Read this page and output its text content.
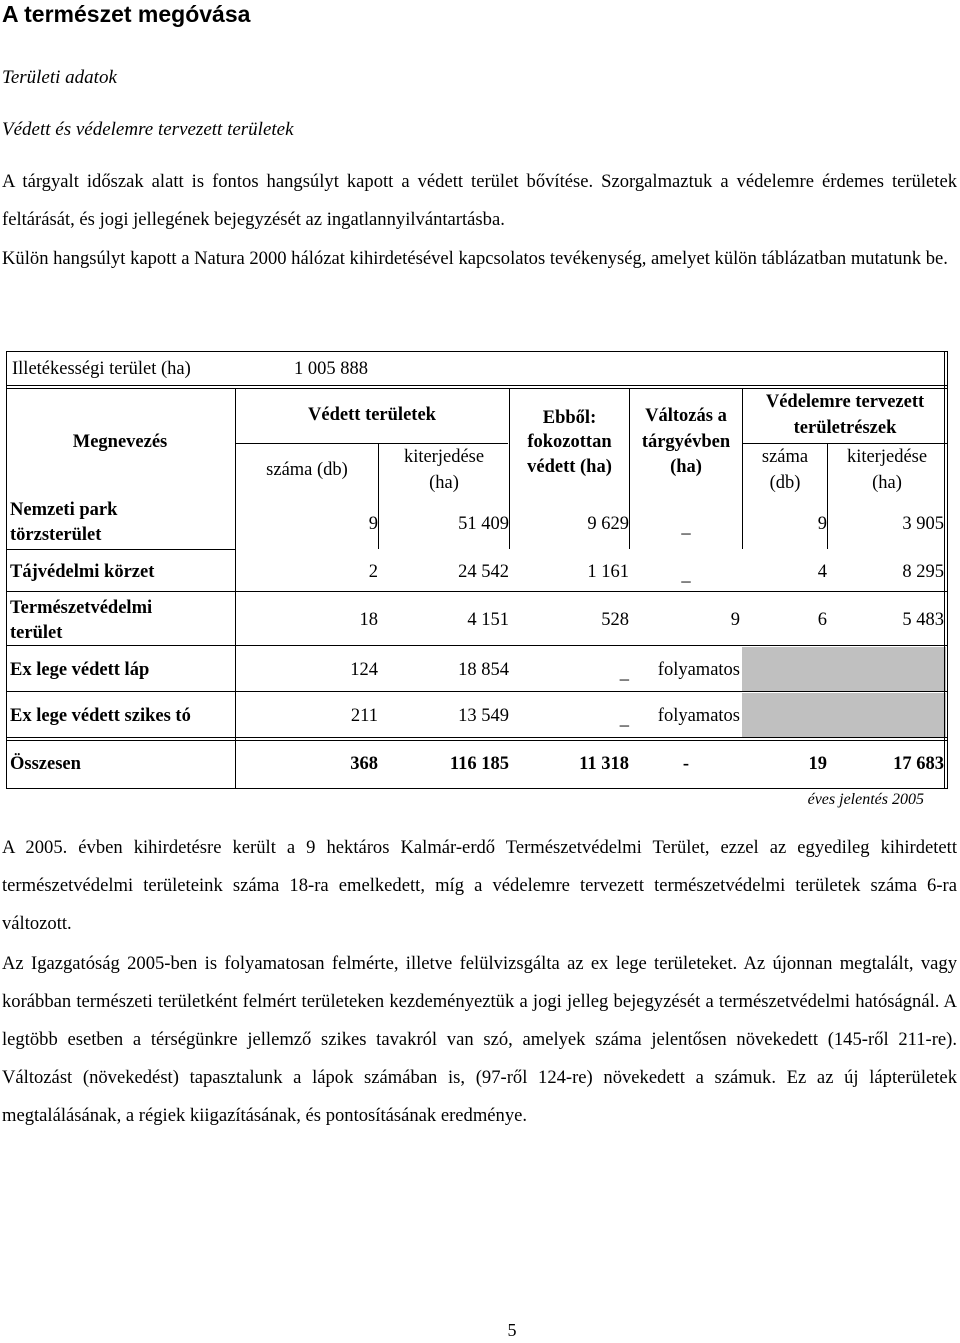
A természet megóvása
Területi adatok
Védett és védelemre tervezett területek
A tárgyalt időszak alatt is fontos hangsúlyt kapott a védett terület bővítése. Szorgalmaztuk a védelemre érdemes területek feltárását, és jogi jellegének bejegyzését az ingatlannyilvántartásba.
Külön hangsúlyt kapott a Natura 2000 hálózat kihirdetésével kapcsolatos tevékenység, amelyet külön táblázatban mutatunk be.
Illetékességi terület (ha)	1 005 888
Megnevezés
Védett területek
száma (db)
kiterjedése
(ha)
Ebből:
fokozottan
védett (ha)
Változás a
tárgyévben
(ha)
Védelemre tervezett
területrészek
száma
(db)
kiterjedése
(ha)
Nemzeti park
törzsterület
9	51 409	9 629	_	9	3 905
Tájvédelmi körzet	2	24 542	1 161	_	4	8 295
Természetvédelmi
terület
18	4 151	528	9	6	5 483
Ex lege védett láp	124	18 854	_	folyamatos
Ex lege védett szikes tó	211	13 549	_	folyamatos
Összesen	368	116 185	11 318	-	19	17 683
éves jelentés 2005
A 2005. évben kihirdetésre került a 9 hektáros Kalmár-erdő Természetvédelmi Terület, ezzel az egyedileg kihirdetett természetvédelmi területeink száma 18-ra emelkedett, míg a védelemre tervezett természetvédelmi területek száma 6-ra változott.
Az Igazgatóság 2005-ben is folyamatosan felmérte, illetve felülvizsgálta az ex lege területeket. Az újonnan megtalált, vagy korábban természeti területként felmért területeken kezdeményeztük a jogi jelleg bejegyzését a természetvédelmi hatóságnál. A legtöbb esetben a térségünkre jellemző szikes tavakról van szó, amelyek száma jelentősen növekedett (145-ről 211-re). Változást (növekedést) tapasztalunk a lápok számában is, (97-ről 124-re) növekedett a számuk. Ez az új lápterületek megtalálásának, a régiek kiigazításának, és pontosításának eredménye.
5
